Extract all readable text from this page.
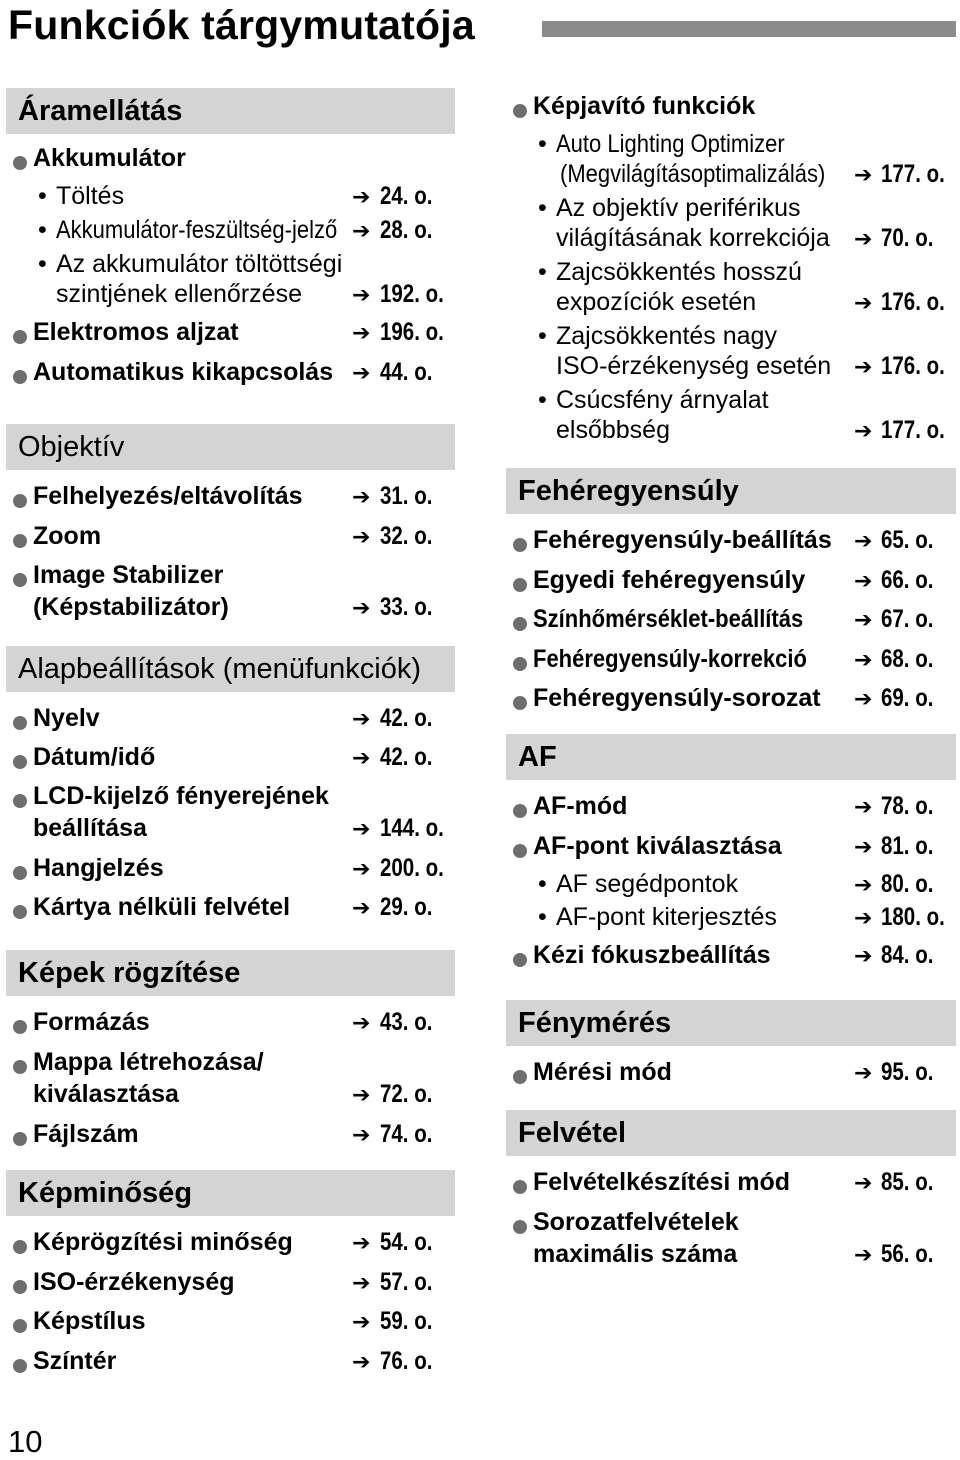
Funkciók tárgymutatója
Áramellátás
Akkumulátor
• Töltés	➔ 24. o.
• Akkumulátor-feszültség-jelző ➔ 28. o.
• Az akkumulátor töltöttségi
szintjének ellenőrzése ➔ 192. o.
Elektromos aljzat	➔ 196. o.
Automatikus kikapcsolás ➔ 44. o.
Objektív
Felhelyezés/eltávolítás ➔ 31. o.
Zoom	➔ 32. o.
Image Stabilizer
(Képstabilizátor)	➔ 33. o.
Alapbeállítások (menüfunkciók)
Nyelv	➔ 42. o.
Dátum/idő	➔ 42. o.
LCD-kijelző fényerejének
beállítása	➔ 144. o.
Hangjelzés	➔ 200. o.
Kártya nélküli felvétel	➔ 29. o.
Képek rögzítése
Formázás	➔ 43. o.
Mappa létrehozása/
kiválasztása	➔ 72. o.
Fájlszám	➔ 74. o.
Képminőség
Képrögzítési minőség	➔ 54. o.
ISO-érzékenység	➔ 57. o.
Képstílus	➔ 59. o.
Színtér	➔ 76. o.
Képjavító funkciók
• Auto Lighting Optimizer
(Megvilágításoptimalizálás) ➔ 177. o.
• Az objektív periférikus
világításának korrekciója ➔ 70. o.
• Zajcsökkentés hosszú
expozíciók esetén	➔ 176. o.
• Zajcsökkentés nagy
ISO-érzékenység esetén ➔ 176. o.
• Csúcsfény árnyalat
elsőbbség	➔ 177. o.
Fehéregyensúly
Fehéregyensúly-beállítás ➔ 65. o.
Egyedi fehéregyensúly ➔ 66. o.
Színhőmérséklet-beállítás ➔ 67. o.
Fehéregyensúly-korrekció ➔ 68. o.
Fehéregyensúly-sorozat ➔ 69. o.
AF
AF-mód	➔ 78. o.
AF-pont kiválasztása	➔ 81. o.
• AF segédpontok	➔ 80. o.
• AF-pont kiterjesztés	➔ 180. o.
Kézi fókuszbeállítás	➔ 84. o.
Fénymérés
Mérési mód	➔ 95. o.
Felvétel
Felvételkészítési mód	➔ 85. o.
Sorozatfelvételek
maximális száma	➔ 56. o.
10
